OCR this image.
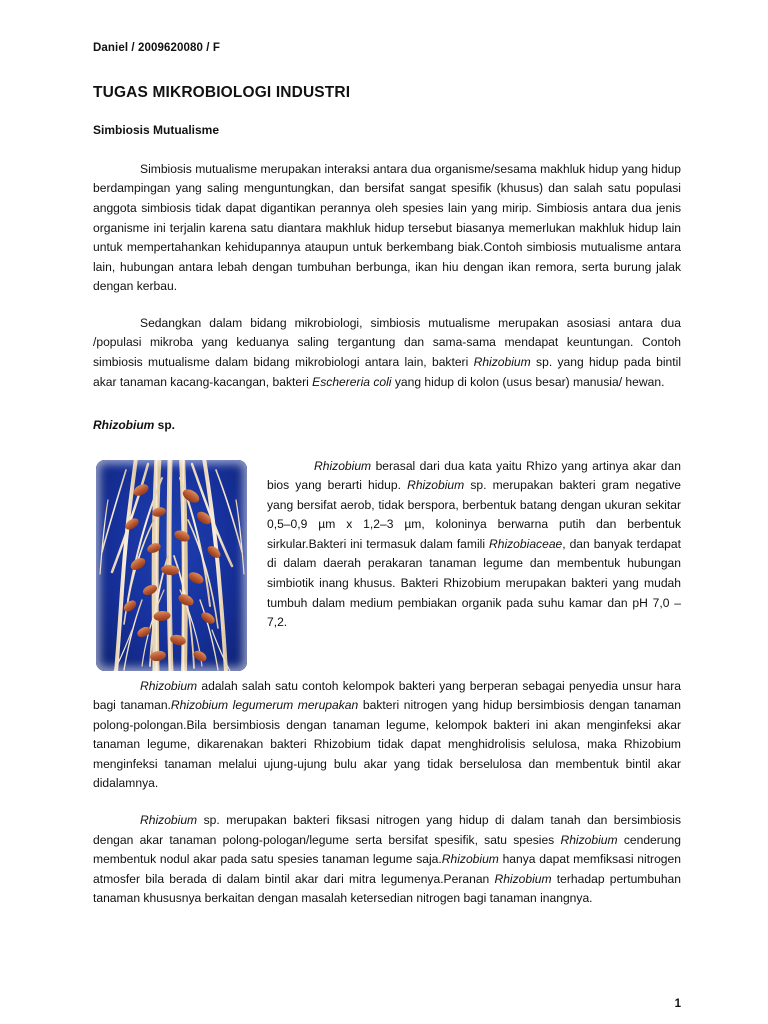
Daniel / 2009620080 / F
TUGAS MIKROBIOLOGI INDUSTRI
Simbiosis Mutualisme

Simbiosis mutualisme merupakan interaksi antara dua organisme/sesama makhluk hidup yang hidup berdampingan yang saling menguntungkan, dan bersifat sangat spesifik (khusus) dan salah satu populasi anggota simbiosis tidak dapat digantikan perannya oleh spesies lain yang mirip. Simbiosis antara dua jenis organisme ini terjalin karena satu diantara makhluk hidup tersebut biasanya memerlukan makhluk hidup lain untuk mempertahankan kehidupannya ataupun untuk berkembang biak.Contoh simbiosis mutualisme antara lain, hubungan antara lebah dengan tumbuhan berbunga, ikan hiu dengan ikan remora, serta burung jalak dengan kerbau.

Sedangkan dalam bidang mikrobiologi, simbiosis mutualisme merupakan asosiasi antara dua /populasi mikroba yang keduanya saling tergantung dan sama-sama mendapat keuntungan. Contoh simbiosis mutualisme dalam bidang mikrobiologi antara lain, bakteri Rhizobium sp. yang hidup pada bintil akar tanaman kacang-kacangan, bakteri Eschereria coli yang hidup di kolon (usus besar) manusia/ hewan.

Rhizobium sp.

Rhizobium berasal dari dua kata yaitu Rhizo yang artinya akar dan bios yang berarti hidup. Rhizobium sp. merupakan bakteri gram negative yang bersifat aerob, tidak berspora, berbentuk batang dengan ukuran sekitar 0,5–0,9 µm x 1,2–3 µm, koloninya berwarna putih dan berbentuk sirkular.Bakteri ini termasuk dalam famili Rhizobiaceae, dan banyak terdapat di dalam daerah perakaran tanaman legume dan membentuk hubungan simbiotik inang khusus. Bakteri Rhizobium merupakan bakteri yang mudah tumbuh dalam medium pembiakan organik pada suhu kamar dan pH 7,0 – 7,2.

Rhizobium adalah salah satu contoh kelompok bakteri yang berperan sebagai penyedia unsur hara bagi tanaman.Rhizobium legumerum merupakan bakteri nitrogen yang hidup bersimbiosis dengan tanaman polong-polongan.Bila bersimbiosis dengan tanaman legume, kelompok bakteri ini akan menginfeksi akar tanaman legume, dikarenakan bakteri Rhizobium tidak dapat menghidrolisis selulosa, maka Rhizobium menginfeksi tanaman melalui ujung-ujung bulu akar yang tidak berselulosa dan membentuk bintil akar didalamnya.

Rhizobium sp. merupakan bakteri fiksasi nitrogen yang hidup di dalam tanah dan bersimbiosis dengan akar tanaman polong-pologan/legume serta bersifat spesifik, satu spesies Rhizobium cenderung membentuk nodul akar pada satu spesies tanaman legume saja.Rhizobium hanya dapat memfiksasi nitrogen atmosfer bila berada di dalam bintil akar dari mitra legumenya.Peranan Rhizobium terhadap pertumbuhan tanaman khususnya berkaitan dengan masalah ketersedian nitrogen bagi tanaman inangnya.

1
